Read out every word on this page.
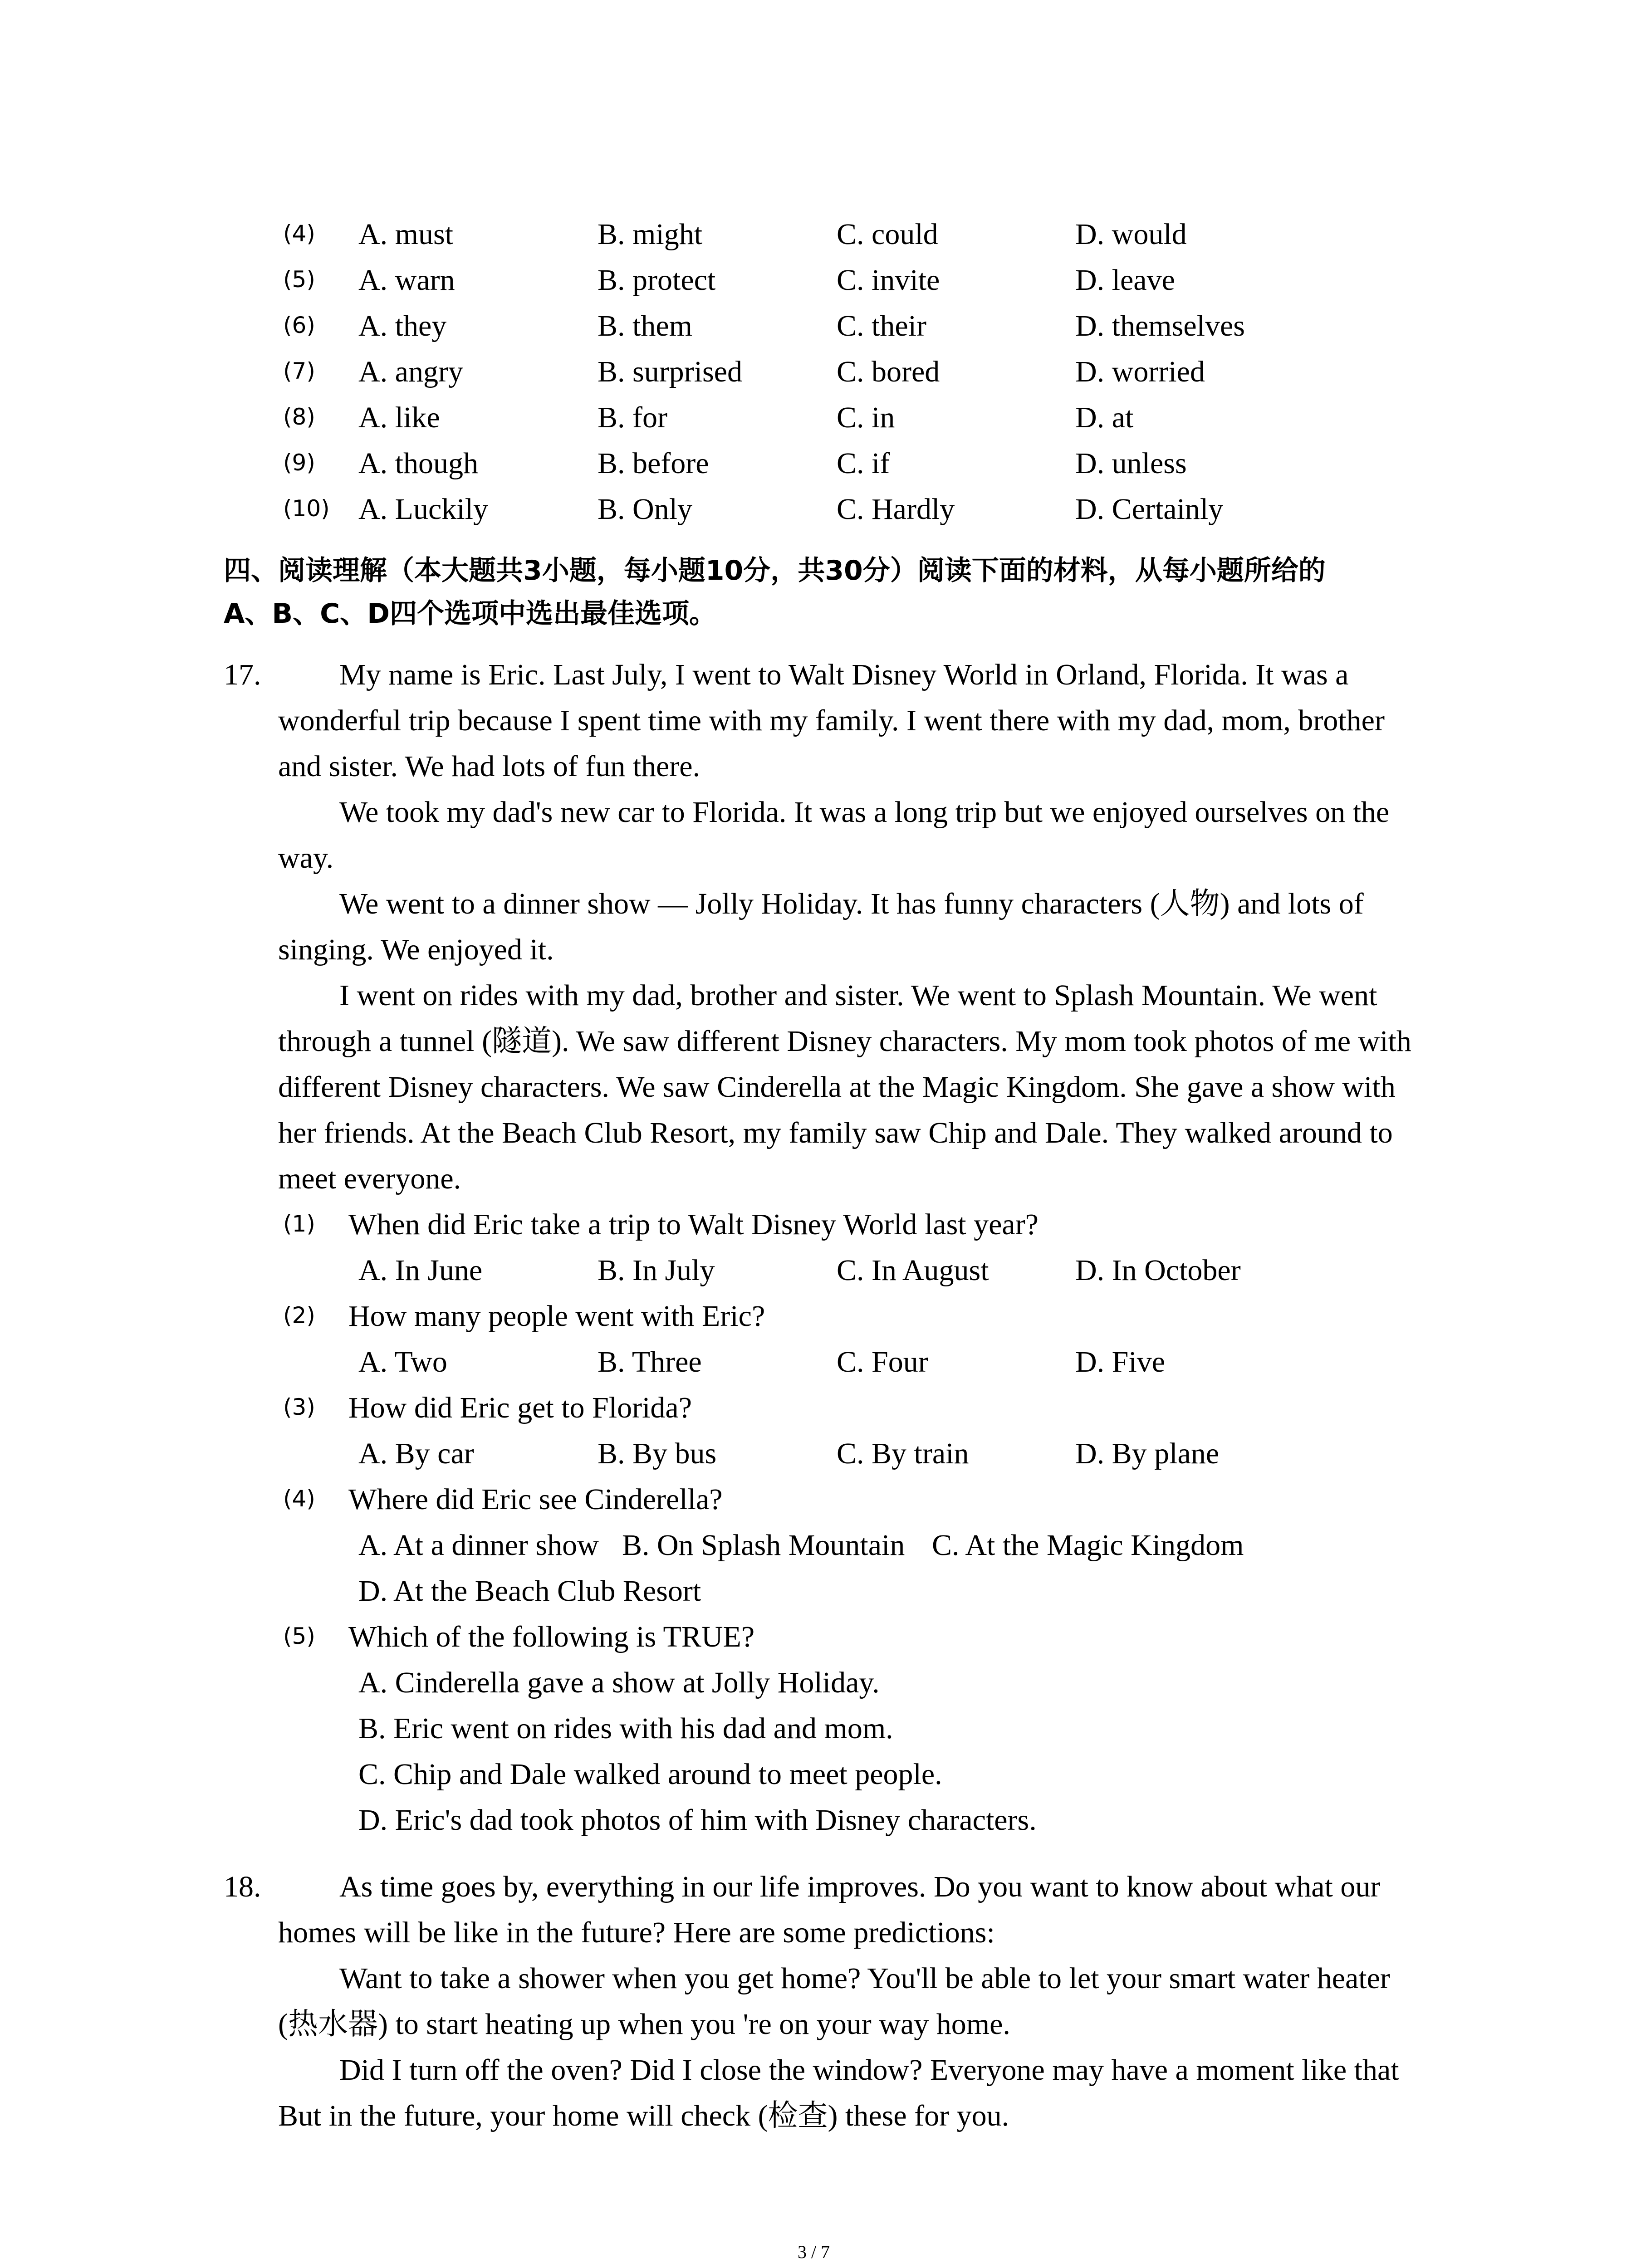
(4) A. must	B. might	C. could	D. would
(5) A. warn	B. protect	C. invite	D. leave
(6) A. they	B. them	C. their	D. themselves
(7) A. angry	B. surprised	C. bored	D. worried
(8) A. like	B. for	C. in	D. at
(9) A. though	B. before	C. if	D. unless
(10) A. Luckily	B. Only	C. Hardly	D. Certainly
四、阅读理解（本大题共3小题，每小题10分，共30分）阅读下面的材料，从每小题所给的
A、B、C、D四个选项中选出最佳选项。
17.	My name is Eric. Last July, I went to Walt Disney World in Orland, Florida. It was a
wonderful trip because I spent time with my family. I went there with my dad, mom, brother
and sister. We had lots of fun there.
We took my dad's new car to Florida. It was a long trip but we enjoyed ourselves on the
way.
We went to a dinner show — Jolly Holiday. It has funny characters (人物) and lots of
singing. We enjoyed it.
I went on rides with my dad, brother and sister. We went to Splash Mountain. We went
through a tunnel (隧道). We saw different Disney characters. My mom took photos of me with
different Disney characters. We saw Cinderella at the Magic Kingdom. She gave a show with
her friends. At the Beach Club Resort, my family saw Chip and Dale. They walked around to
meet everyone.
(1) When did Eric take a trip to Walt Disney World last year?
A. In June	B. In July	C. In August	D. In October
(2) How many people went with Eric?
A. Two	B. Three	C. Four	D. Five
(3) How did Eric get to Florida?
A. By car	B. By bus	C. By train	D. By plane
(4) Where did Eric see Cinderella?
A. At a dinner show B. On Splash Mountain C. At the Magic Kingdom
D. At the Beach Club Resort
(5) Which of the following is TRUE?
A. Cinderella gave a show at Jolly Holiday.
B. Eric went on rides with his dad and mom.
C. Chip and Dale walked around to meet people.
D. Eric's dad took photos of him with Disney characters.
18.	As time goes by, everything in our life improves. Do you want to know about what our
homes will be like in the future? Here are some predictions:
Want to take a shower when you get home? You'll be able to let your smart water heater
(热水器) to start heating up when you 're on your way home.
Did I turn off the oven? Did I close the window? Everyone may have a moment like that
But in the future, your home will check (检查) these for you.
3 / 7
